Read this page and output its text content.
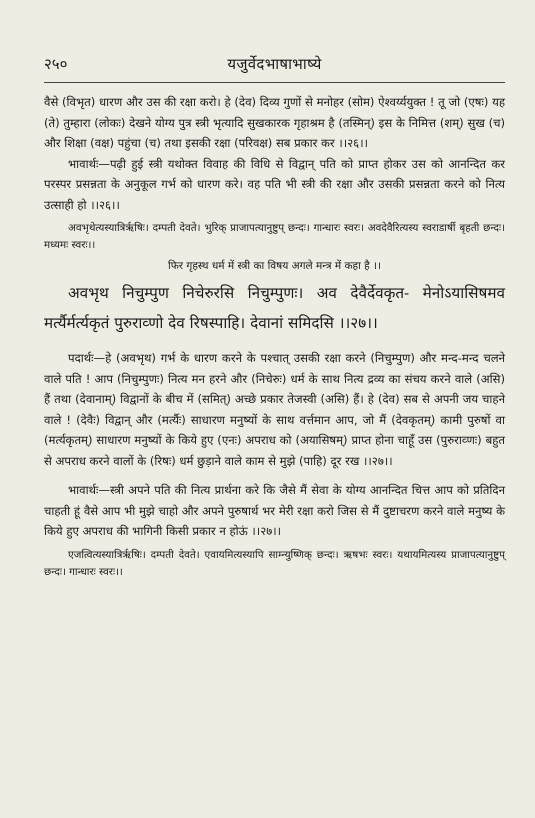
२५०	यजुर्वेदभाषाभाष्ये

वैसे (विभृत) धारण और उस की रक्षा करो। हे (देव) दिव्य गुणों से मनोहर (सोम) ऐश्वर्य्ययुक्त ! तू जो (एषः) यह (ते) तुम्हारा (लोकः) देखने योग्य पुत्र स्त्री भृत्यादि सुखकारक गृहाश्रम है (तस्मिन्) इस के निमित्त (शम्) सुख (च) और शिक्षा (वक्ष) पहुंचा (च) तथा इसकी रक्षा (परिवक्ष) सब प्रकार कर ।।२६।।

भावार्थः—पढ़ी हुई स्त्री यथोक्त विवाह की विधि से विद्वान् पति को प्राप्त होकर उस को आनन्दित कर परस्पर प्रसन्नता के अनुकूल गर्भ को धारण करे। वह पति भी स्त्री की रक्षा और उसकी प्रसन्नता करने को नित्य उत्साही हो ।।२६।।

अवभृथेत्यस्यात्रिर्ऋषिः। दम्पती देवते। भुरिक् प्राजापत्यानुष्टुप् छन्दः। गान्धारः स्वरः। अवदेवैरित्यस्य स्वराडार्षी बृहती छन्दः। मध्यमः स्वरः।।

फिर गृहस्थ धर्म में स्त्री का विषय अगले मन्त्र में कहा है ।।

अवभृथ निचुम्पुण निचेरुरसि निचुम्पुणः। अव देवैर्देवकृत- मेनोऽयासिषमव मर्त्यैर्मर्त्यकृतं पुरुराव्णो देव रिषस्पाहि। देवानां समिदसि ।।२७।।

पदार्थः—हे (अवभृथ) गर्भ के धारण करने के पश्चात् उसकी रक्षा करने (निचुम्पुण) और मन्द-मन्द चलने वाले पति ! आप (निचुम्पुणः) नित्य मन हरने और (निचेरुः) धर्म के साथ नित्य द्रव्य का संचय करने वाले (असि) हैं तथा (देवानाम्) विद्वानों के बीच में (समित्) अच्छे प्रकार तेजस्वी (असि) हैं। हे (देव) सब से अपनी जय चाहने वाले ! (देवैः) विद्वान् और (मर्त्यैः) साधारण मनुष्यों के साथ वर्त्तमान आप, जो मैं (देवकृतम्) कामी पुरुषों वा (मर्त्यकृतम्) साधारण मनुष्यों के किये हुए (एनः) अपराध को (अयासिषम्) प्राप्त होना चाहूँ उस (पुरुराव्णः) बहुत से अपराध करने वालों के (रिषः) धर्म छुड़ाने वाले काम से मुझे (पाहि) दूर रख ।।२७।।

भावार्थः—स्त्री अपने पति की नित्य प्रार्थना करे कि जैसे मैं सेवा के योग्य आनन्दित चित्त आप को प्रतिदिन चाहती हूं वैसे आप भी मुझे चाहो और अपने पुरुषार्थ भर मेरी रक्षा करो जिस से मैं दुष्टाचरण करने वाले मनुष्य के किये हुए अपराध की भागिनी किसी प्रकार न होऊं ।।२७।।

एजत्वित्यस्यात्रिर्ऋषिः। दम्पती देवते। एवायमित्यस्यापि साम्न्युष्णिक् छन्दः। ऋषभः स्वरः। यथायमित्यस्य प्राजापत्यानुष्टुप् छन्दः। गान्धारः स्वरः।।
